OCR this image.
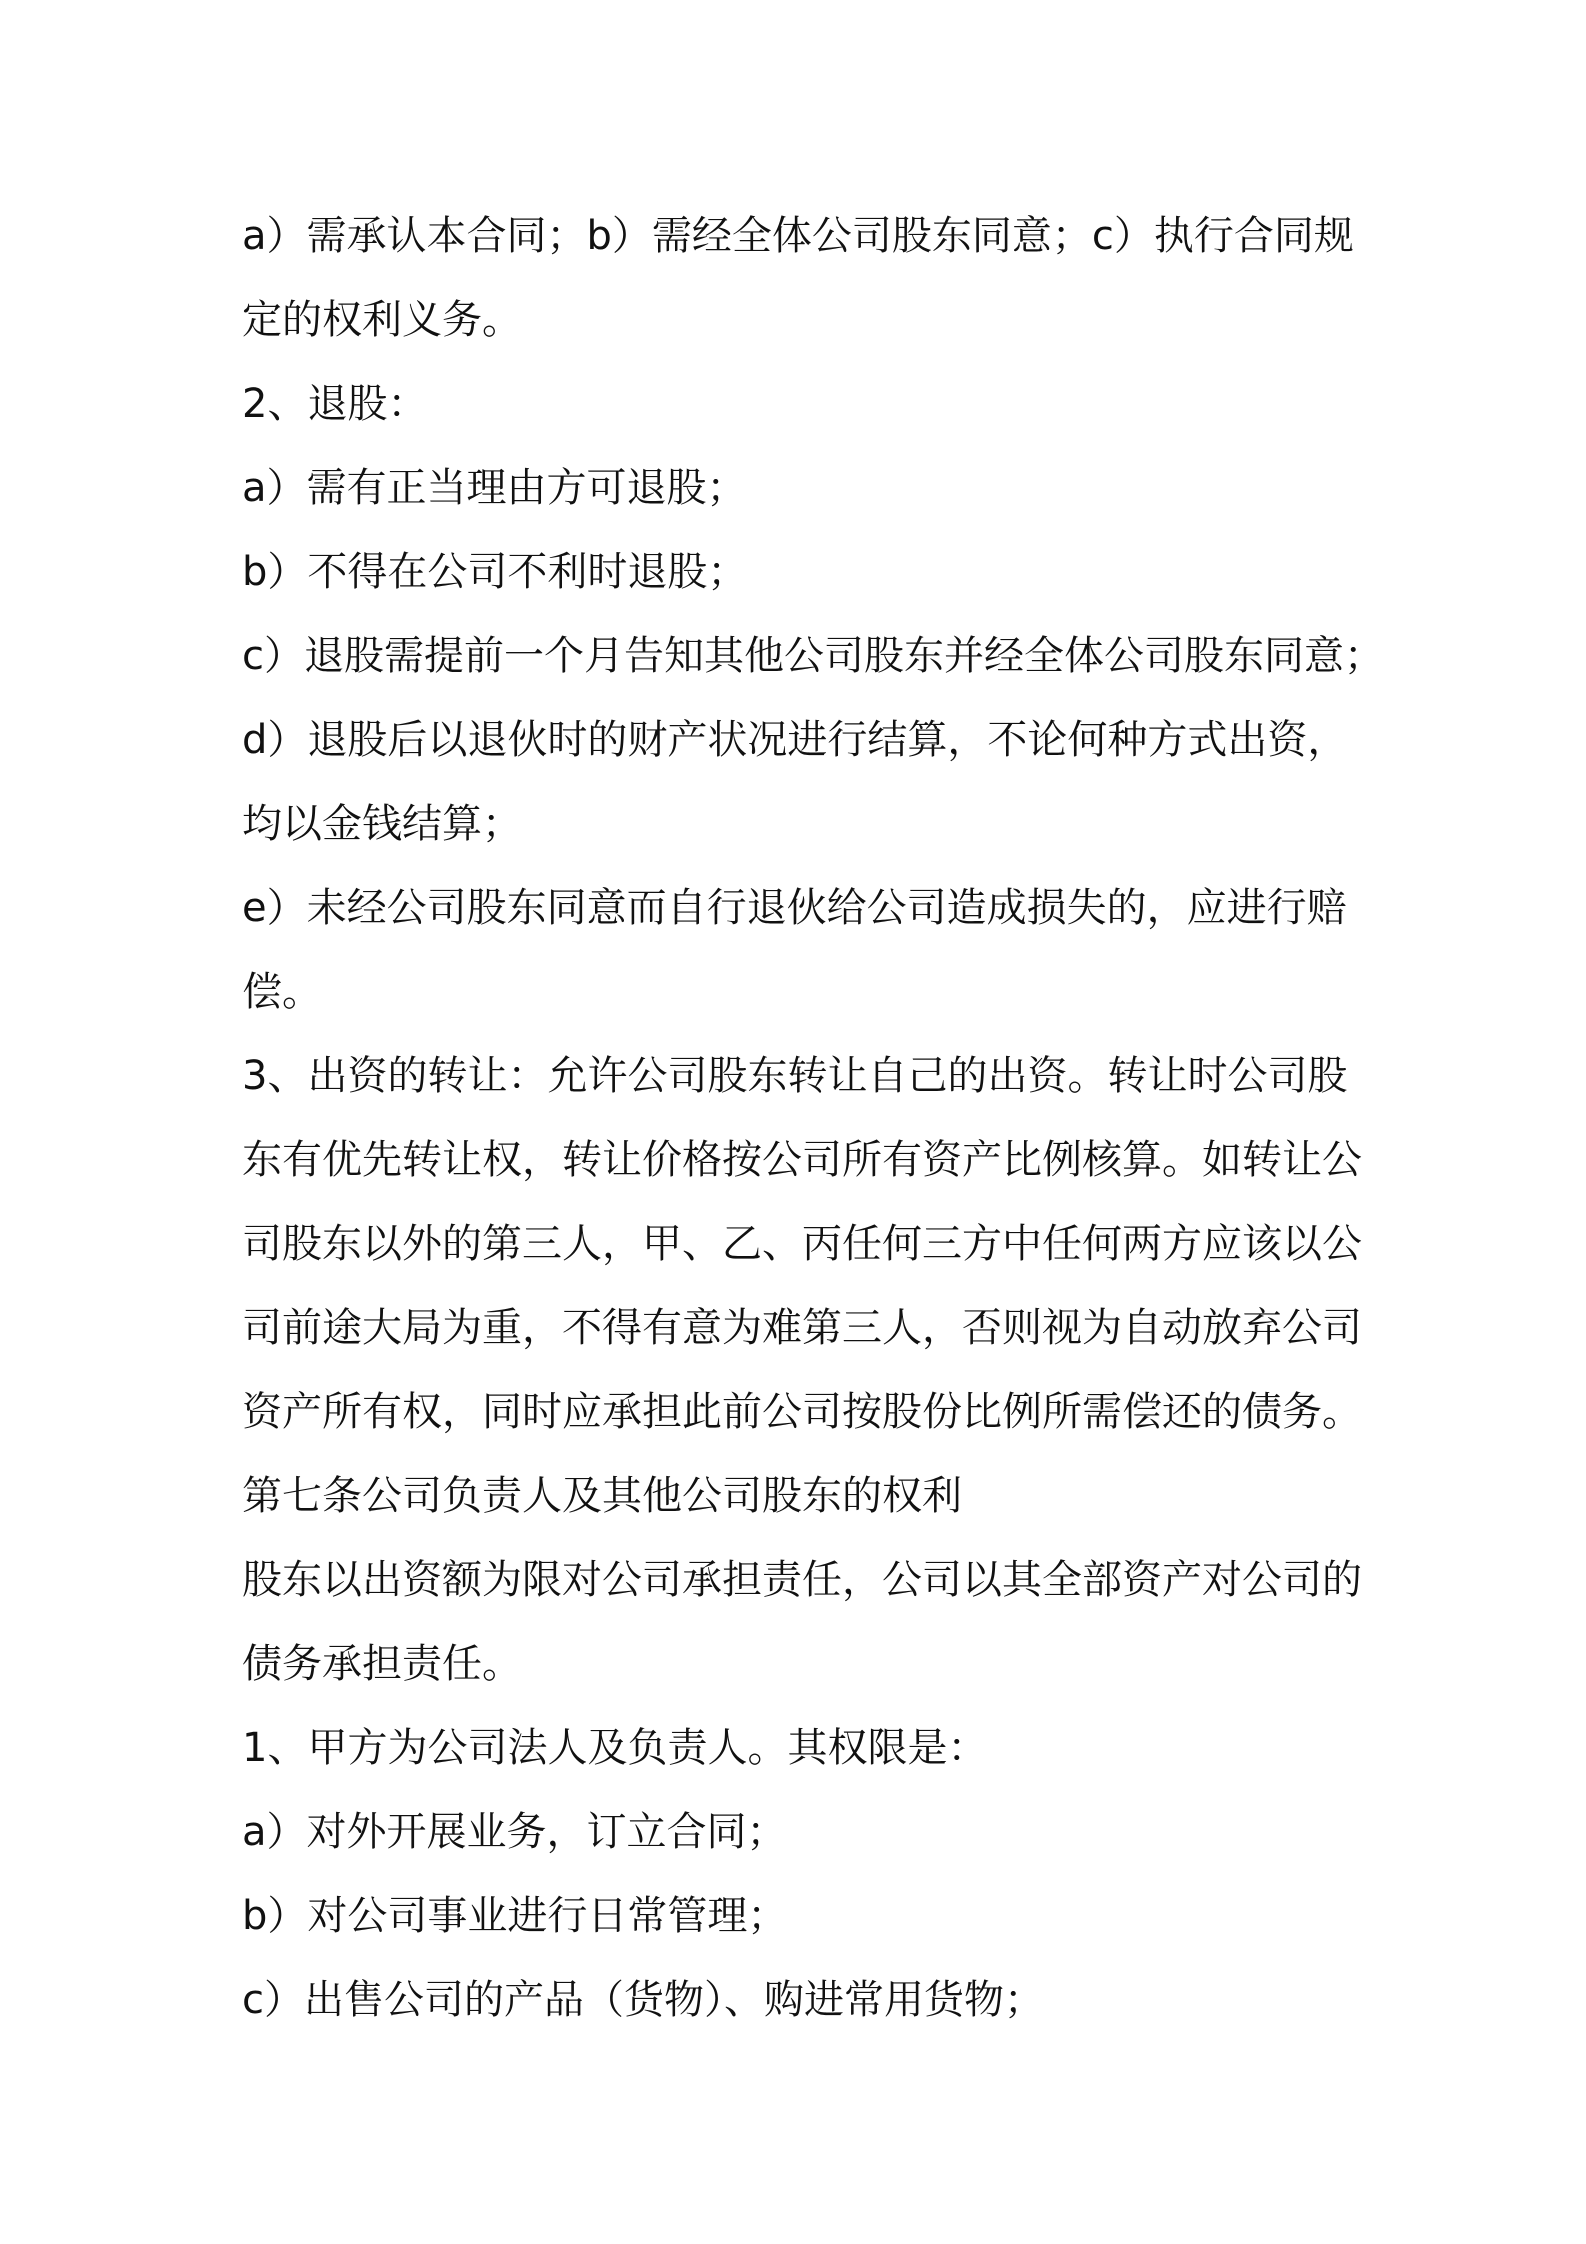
a）需承认本合同；b）需经全体公司股东同意；c）执行合同规
定的权利义务。
2、退股：
a）需有正当理由方可退股；
b）不得在公司不利时退股；
c）退股需提前一个月告知其他公司股东并经全体公司股东同意；
d）退股后以退伙时的财产状况进行结算，不论何种方式出资，
均以金钱结算；
e）未经公司股东同意而自行退伙给公司造成损失的，应进行赔
偿。
3、出资的转让：允许公司股东转让自己的出资。转让时公司股
东有优先转让权，转让价格按公司所有资产比例核算。如转让公
司股东以外的第三人，甲、乙、丙任何三方中任何两方应该以公
司前途大局为重，不得有意为难第三人，否则视为自动放弃公司
资产所有权，同时应承担此前公司按股份比例所需偿还的债务。
第七条公司负责人及其他公司股东的权利
股东以出资额为限对公司承担责任，公司以其全部资产对公司的
债务承担责任。
1、甲方为公司法人及负责人。其权限是：
a）对外开展业务，订立合同；
b）对公司事业进行日常管理；
c）出售公司的产品（货物）、购进常用货物；
